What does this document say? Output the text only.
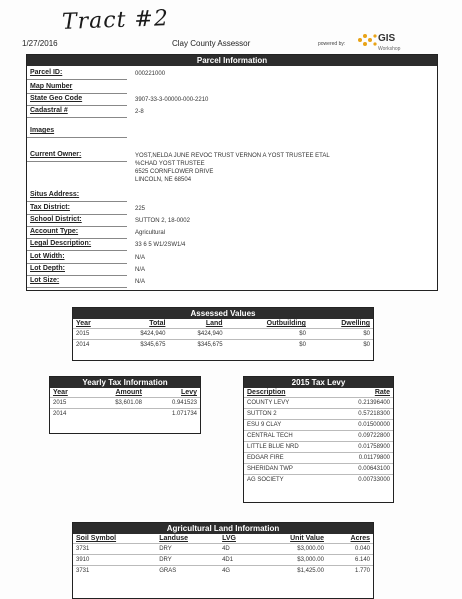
Tract #2
1/27/2016	Clay County Assessor	powered by:	GIS
Workshop
Parcel Information
Parcel ID:	000221000
Map Number
State Geo Code	3907-33-3-00000-000-2210
Cadastral #	2-8
Images
Current Owner:	YOST,NELDA JUNE REVOC TRUST VERNON A YOST TRUSTEE ETAL
%CHAD YOST TRUSTEE
6525 CORNFLOWER DRIVE
LINCOLN, NE 68504
Situs Address:
Tax District:	225
School District:	SUTTON 2, 18-0002
Account Type:	Agricultural
Legal Description:	33 6 5 W1/2SW1/4
Lot Width:	N/A
Lot Depth:	N/A
Lot Size:	N/A
Assessed Values
Year	Total	Land	Outbuilding	Dwelling
2015	$424,940	$424,940	$0	$0
2014	$345,675	$345,675	$0	$0
Yearly Tax Information
Year	Amount	Levy
2015	$3,601.08	0.941523
2014		1.071734
2015 Tax Levy
Description	Rate
COUNTY LEVY	0.21396400
SUTTON 2	0.57218300
ESU 9 CLAY	0.01500000
CENTRAL TECH	0.09722800
LITTLE BLUE NRD	0.01758900
EDGAR FIRE	0.01179800
SHERIDAN TWP	0.00643100
AG SOCIETY	0.00733000
Agricultural Land Information
Soil Symbol	Landuse	LVG	Unit Value	Acres
3731	DRY	4D	$3,000.00	0.040
3910	DRY	4D1	$3,000.00	6.140
3731	GRAS	4G	$1,425.00	1.770
